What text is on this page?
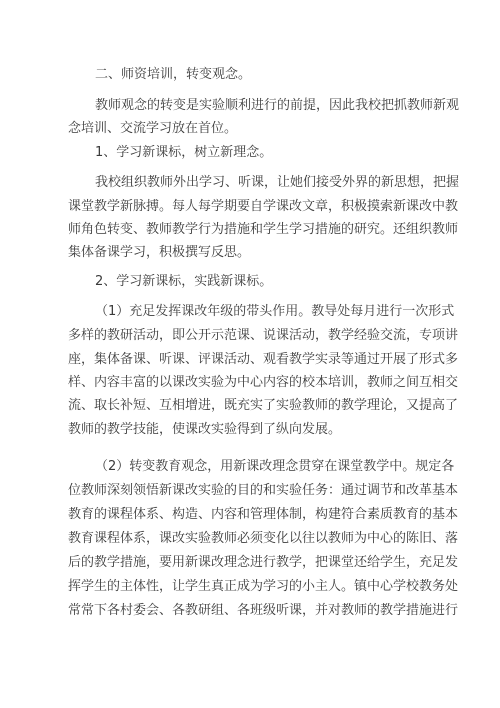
二、师资培训，转变观念。
教师观念的转变是实验顺利进行的前提，因此我校把抓教师新观
念培训、交流学习放在首位。
1、学习新课标，树立新理念。
我校组织教师外出学习、听课，让她们接受外界的新思想，把握
课堂教学新脉搏。每人每学期要自学课改文章，积极摸索新课改中教
师角色转变、教师教学行为措施和学生学习措施的研究。还组织教师
集体备课学习，积极撰写反思。
2、学习新课标，实践新课标。
（1）充足发挥课改年级的带头作用。教导处每月进行一次形式
多样的教研活动，即公开示范课、说课活动，教学经验交流，专项讲
座，集体备课、听课、评课活动、观看教学实录等通过开展了形式多
样、内容丰富的以课改实验为中心内容的校本培训，教师之间互相交
流、取长补短、互相增进，既充实了实验教师的教学理论，又提高了
教师的教学技能，使课改实验得到了纵向发展。
（2）转变教育观念，用新课改理念贯穿在课堂教学中。规定各
位教师深刻领悟新课改实验的目的和实验任务：通过调节和改革基本
教育的课程体系、构造、内容和管理体制，构建符合素质教育的基本
教育课程体系，课改实验教师必须变化以往以教师为中心的陈旧、落
后的教学措施，要用新课改理念进行教学，把课堂还给学生，充足发
挥学生的主体性，让学生真正成为学习的小主人。镇中心学校教务处
常常下各村委会、各教研组、各班级听课，并对教师的教学措施进行
